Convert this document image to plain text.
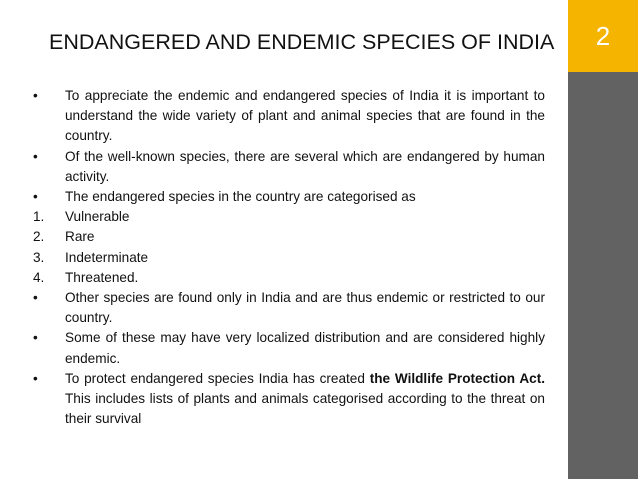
2
ENDANGERED AND ENDEMIC SPECIES OF INDIA
•	To appreciate the endemic and endangered species of India it is important to understand the wide variety of plant and animal species that are found in the country.
•	Of the well-known species, there are several which are endangered by human activity.
•	The endangered species in the country are categorised as
1.	Vulnerable
2.	Rare
3.	Indeterminate
4.	Threatened.
•	Other species are found only in India and are thus endemic or restricted to our country.
•	Some of these may have very localized distribution and are considered highly endemic.
•	To protect endangered species India has created the Wildlife Protection Act. This includes lists of plants and animals categorised according to the threat on their survival
